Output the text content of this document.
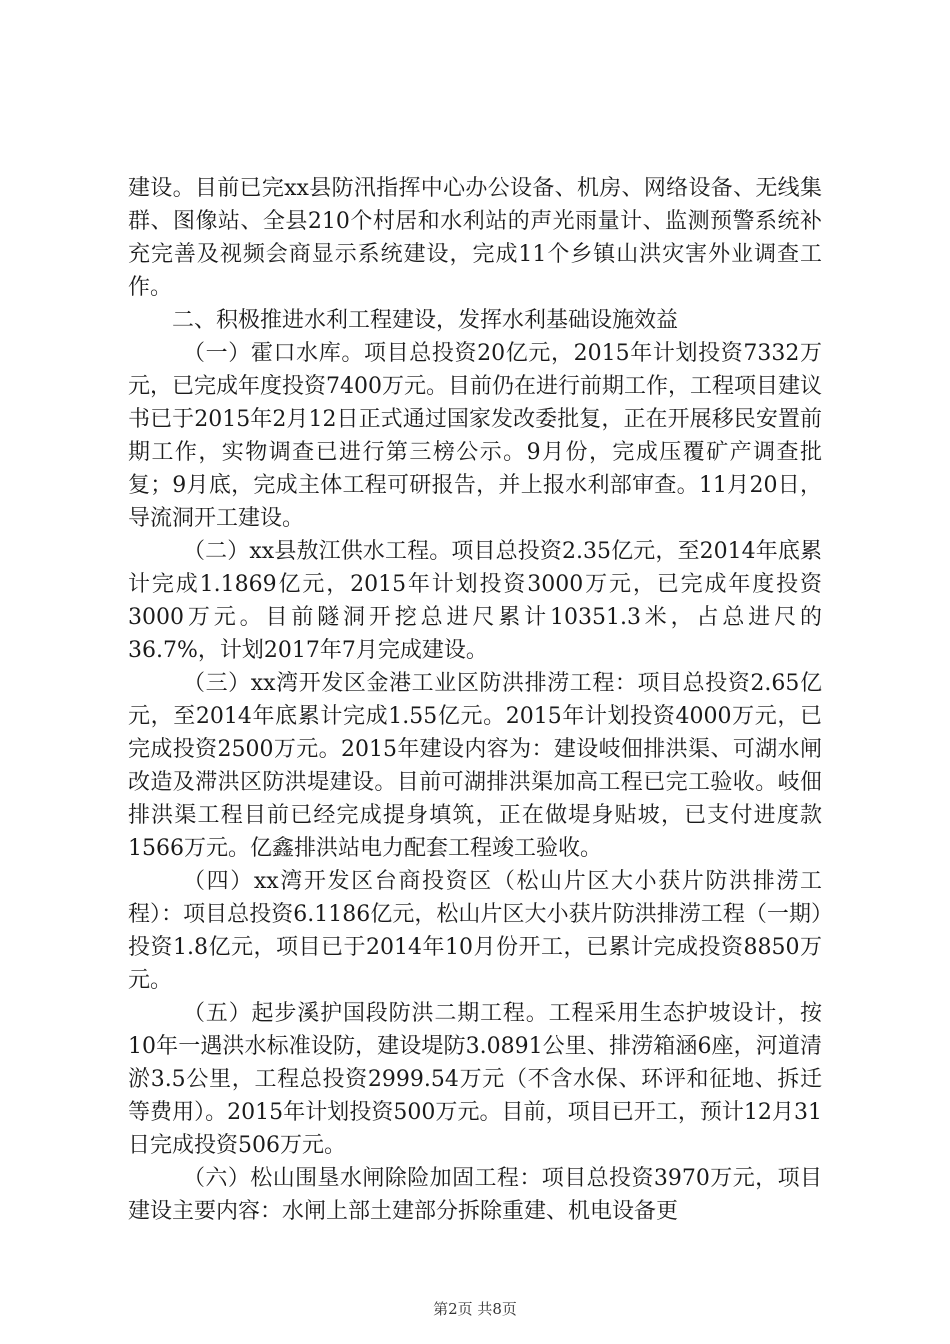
建设。目前已完xx县防汛指挥中心办公设备、机房、网络设备、无线集群、图像站、全县210个村居和水利站的声光雨量计、监测预警系统补充完善及视频会商显示系统建设，完成11个乡镇山洪灾害外业调查工作。

二、积极推进水利工程建设，发挥水利基础设施效益

（一）霍口水库。项目总投资20亿元，2015年计划投资7332万元，已完成年度投资7400万元。目前仍在进行前期工作，工程项目建议书已于2015年2月12日正式通过国家发改委批复，正在开展移民安置前期工作，实物调查已进行第三榜公示。9月份，完成压覆矿产调查批复；9月底，完成主体工程可研报告，并上报水利部审查。11月20日，导流洞开工建设。

（二）xx县敖江供水工程。项目总投资2.35亿元，至2014年底累计完成1.1869亿元，2015年计划投资3000万元，已完成年度投资3000万元。目前隧洞开挖总进尺累计10351.3米，占总进尺的36.7%，计划2017年7月完成建设。

（三）xx湾开发区金港工业区防洪排涝工程：项目总投资2.65亿元，至2014年底累计完成1.55亿元。2015年计划投资4000万元，已完成投资2500万元。2015年建设内容为：建设岐佃排洪渠、可湖水闸改造及滞洪区防洪堤建设。目前可湖排洪渠加高工程已完工验收。岐佃排洪渠工程目前已经完成提身填筑，正在做堤身贴坡，已支付进度款1566万元。亿鑫排洪站电力配套工程竣工验收。

（四）xx湾开发区台商投资区（松山片区大小获片防洪排涝工程）：项目总投资6.1186亿元，松山片区大小获片防洪排涝工程（一期）投资1.8亿元，项目已于2014年10月份开工，已累计完成投资8850万元。

（五）起步溪护国段防洪二期工程。工程采用生态护坡设计，按10年一遇洪水标准设防，建设堤防3.0891公里、排涝箱涵6座，河道清淤3.5公里，工程总投资2999.54万元（不含水保、环评和征地、拆迁等费用）。2015年计划投资500万元。目前，项目已开工，预计12月31日完成投资506万元。

（六）松山围垦水闸除险加固工程：项目总投资3970万元，项目建设主要内容：水闸上部土建部分拆除重建、机电设备更

第2页 共8页
